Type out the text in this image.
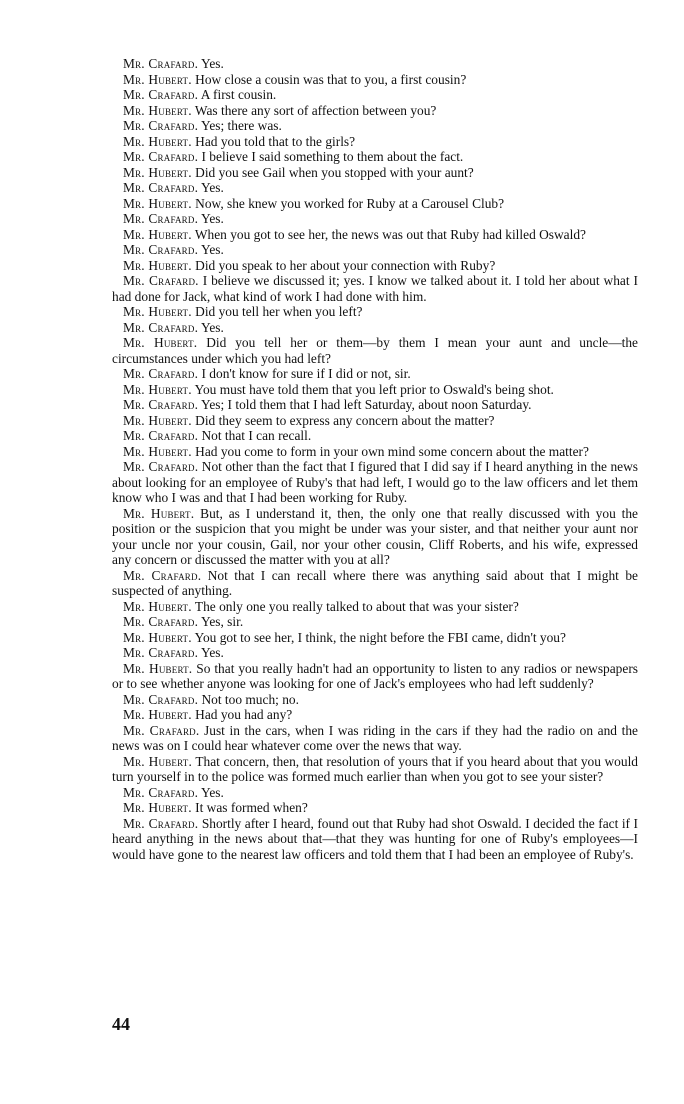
Mr. Crafard. Yes.

Mr. Hubert. How close a cousin was that to you, a first cousin?

Mr. Crafard. A first cousin.

Mr. Hubert. Was there any sort of affection between you?

Mr. Crafard. Yes; there was.

Mr. Hubert. Had you told that to the girls?

Mr. Crafard. I believe I said something to them about the fact.

Mr. Hubert. Did you see Gail when you stopped with your aunt?

Mr. Crafard. Yes.

Mr. Hubert. Now, she knew you worked for Ruby at a Carousel Club?

Mr. Crafard. Yes.

Mr. Hubert. When you got to see her, the news was out that Ruby had killed Oswald?

Mr. Crafard. Yes.

Mr. Hubert. Did you speak to her about your connection with Ruby?

Mr. Crafard. I believe we discussed it; yes. I know we talked about it. I told her about what I had done for Jack, what kind of work I had done with him.

Mr. Hubert. Did you tell her when you left?

Mr. Crafard. Yes.

Mr. Hubert. Did you tell her or them—by them I mean your aunt and uncle—the circumstances under which you had left?

Mr. Crafard. I don't know for sure if I did or not, sir.

Mr. Hubert. You must have told them that you left prior to Oswald's being shot.

Mr. Crafard. Yes; I told them that I had left Saturday, about noon Saturday.

Mr. Hubert. Did they seem to express any concern about the matter?

Mr. Crafard. Not that I can recall.

Mr. Hubert. Had you come to form in your own mind some concern about the matter?

Mr. Crafard. Not other than the fact that I figured that I did say if I heard anything in the news about looking for an employee of Ruby's that had left, I would go to the law officers and let them know who I was and that I had been working for Ruby.

Mr. Hubert. But, as I understand it, then, the only one that really discussed with you the position or the suspicion that you might be under was your sister, and that neither your aunt nor your uncle nor your cousin, Gail, nor your other cousin, Cliff Roberts, and his wife, expressed any concern or discussed the matter with you at all?

Mr. Crafard. Not that I can recall where there was anything said about that I might be suspected of anything.

Mr. Hubert. The only one you really talked to about that was your sister?

Mr. Crafard. Yes, sir.

Mr. Hubert. You got to see her, I think, the night before the FBI came, didn't you?

Mr. Crafard. Yes.

Mr. Hubert. So that you really hadn't had an opportunity to listen to any radios or newspapers or to see whether anyone was looking for one of Jack's employees who had left suddenly?

Mr. Crafard. Not too much; no.

Mr. Hubert. Had you had any?

Mr. Crafard. Just in the cars, when I was riding in the cars if they had the radio on and the news was on I could hear whatever come over the news that way.

Mr. Hubert. That concern, then, that resolution of yours that if you heard about that you would turn yourself in to the police was formed much earlier than when you got to see your sister?

Mr. Crafard. Yes.

Mr. Hubert. It was formed when?

Mr. Crafard. Shortly after I heard, found out that Ruby had shot Oswald. I decided the fact if I heard anything in the news about that—that they was hunting for one of Ruby's employees—I would have gone to the nearest law officers and told them that I had been an employee of Ruby's.

44
